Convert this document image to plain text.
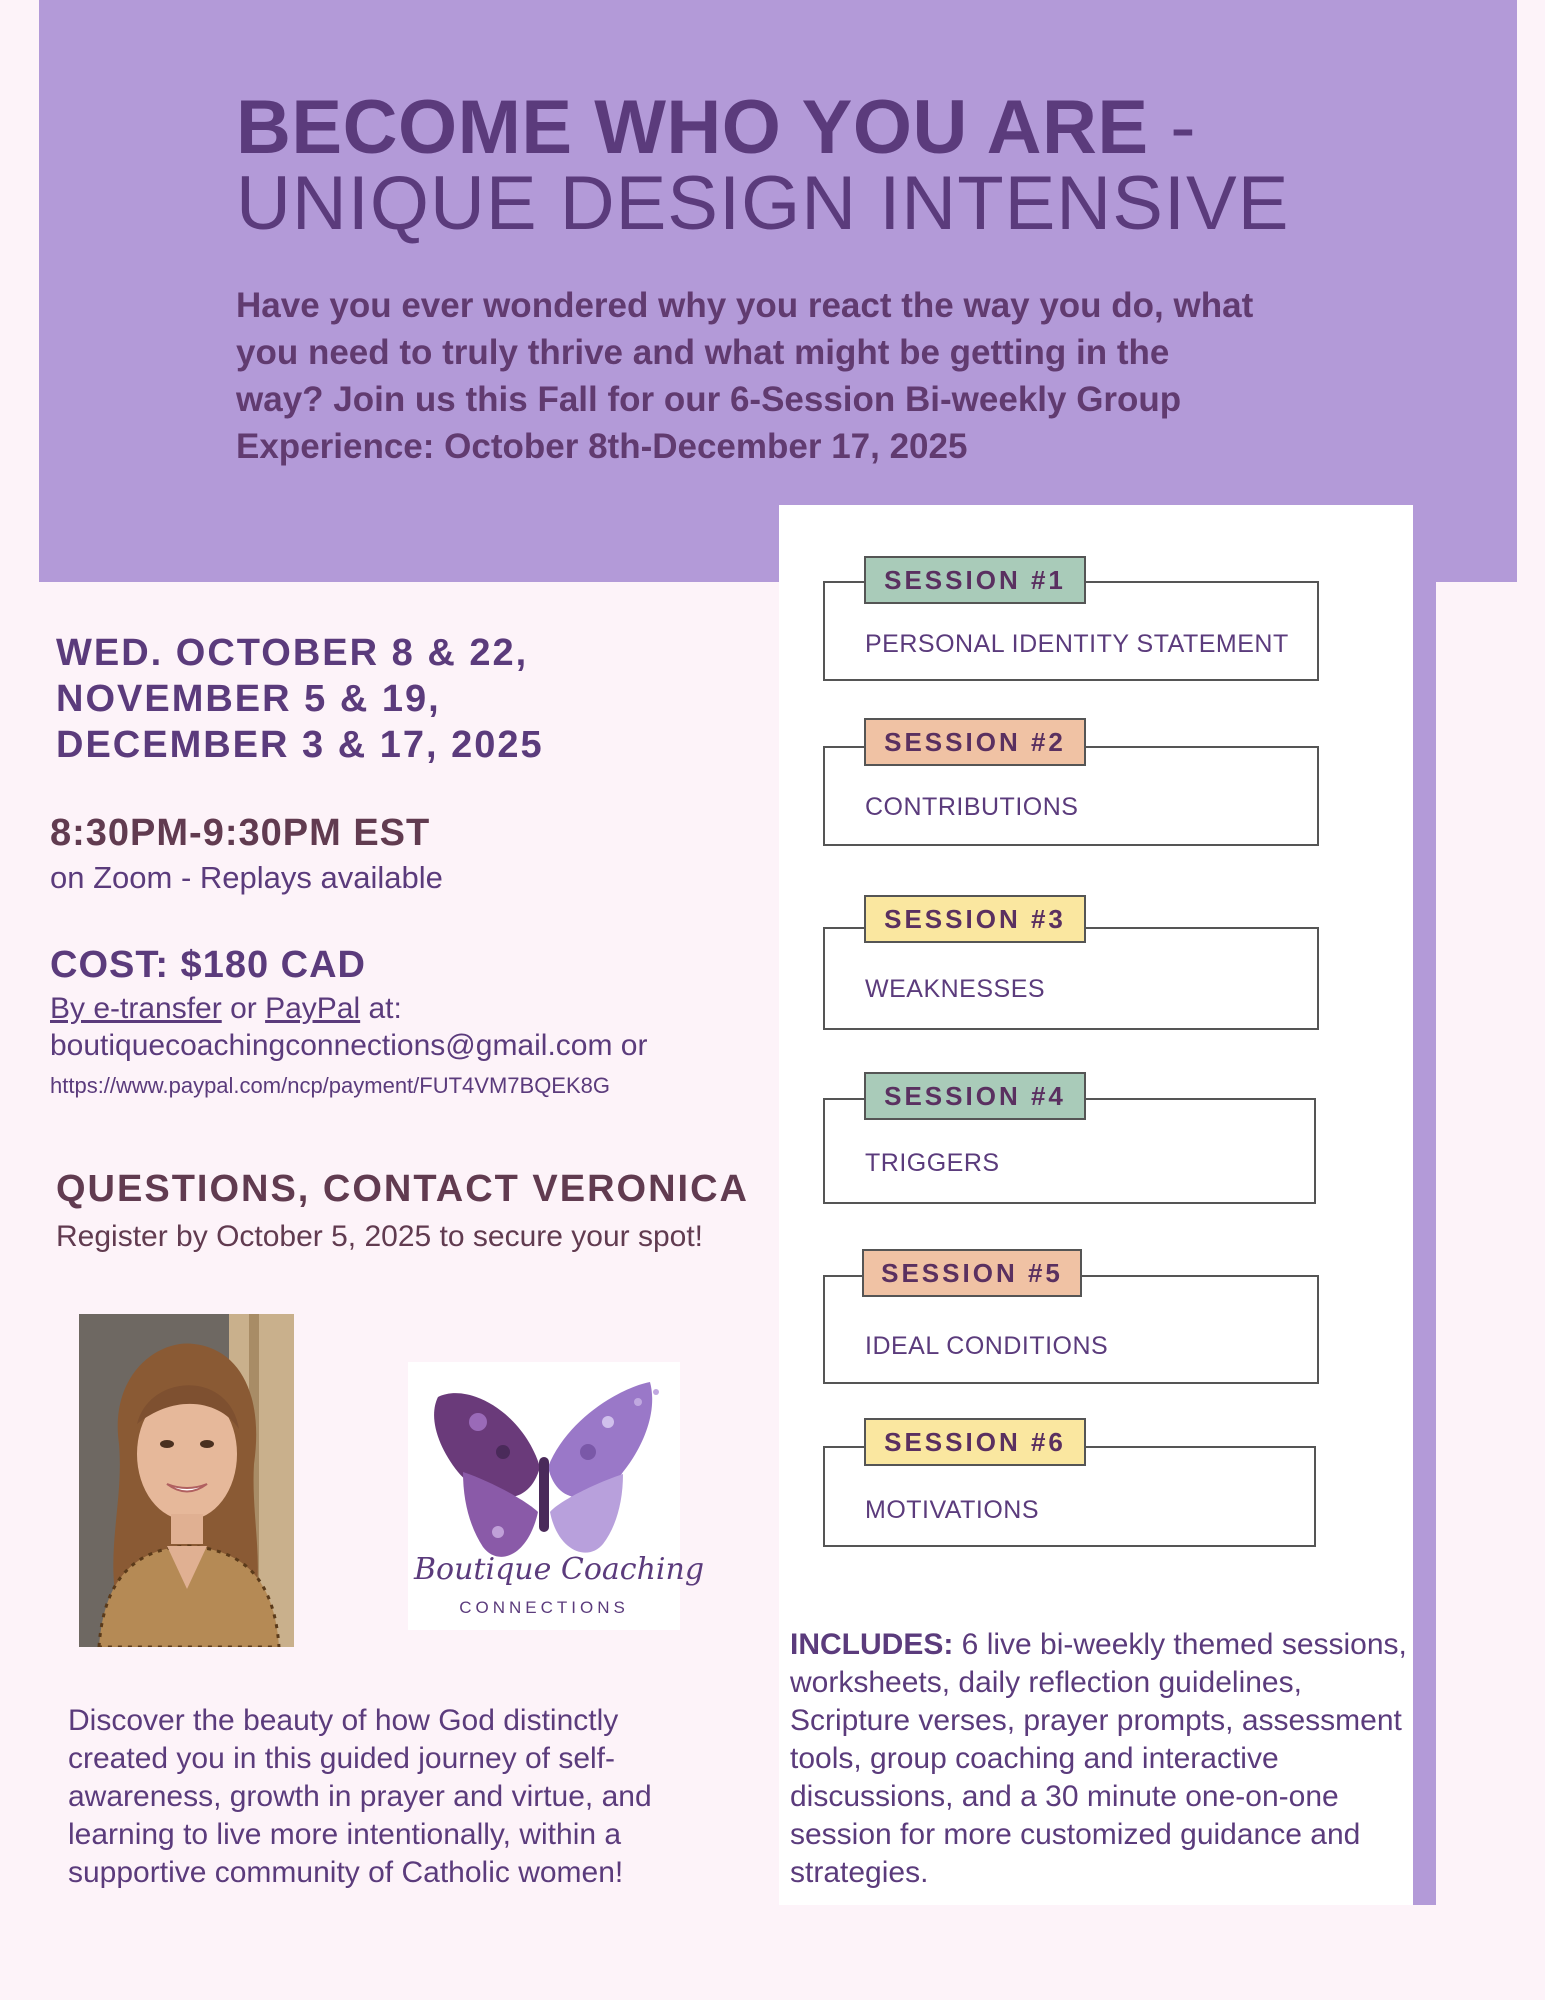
BECOME WHO YOU ARE -
UNIQUE DESIGN INTENSIVE
Have you ever wondered why you react the way you do, what you need to truly thrive and what might be getting in the way? Join us this Fall for our 6-Session Bi-weekly Group Experience: October 8th-December 17, 2025
SESSION #1
PERSONAL IDENTITY STATEMENT
SESSION #2
CONTRIBUTIONS
SESSION #3
WEAKNESSES
SESSION #4
TRIGGERS
SESSION #5
IDEAL CONDITIONS
SESSION #6
MOTIVATIONS
WED. OCTOBER 8 & 22,
NOVEMBER 5 & 19,
DECEMBER 3 & 17, 2025
8:30PM-9:30PM EST
on Zoom - Replays available
COST: $180 CAD
By e-transfer or PayPal at:
boutiquecoachingconnections@gmail.com or
https://www.paypal.com/ncp/payment/FUT4VM7BQEK8G
QUESTIONS, CONTACT VERONICA
Register by October 5, 2025 to secure your spot!
Boutique Coaching
CONNECTIONS
Discover the beauty of how God distinctly created you in this guided journey of self-awareness, growth in prayer and virtue, and learning to live more intentionally, within a supportive community of Catholic women!
INCLUDES: 6 live bi-weekly themed sessions, worksheets, daily reflection guidelines, Scripture verses, prayer prompts, assessment tools, group coaching and interactive discussions, and a 30 minute one-on-one session for more customized guidance and strategies.
